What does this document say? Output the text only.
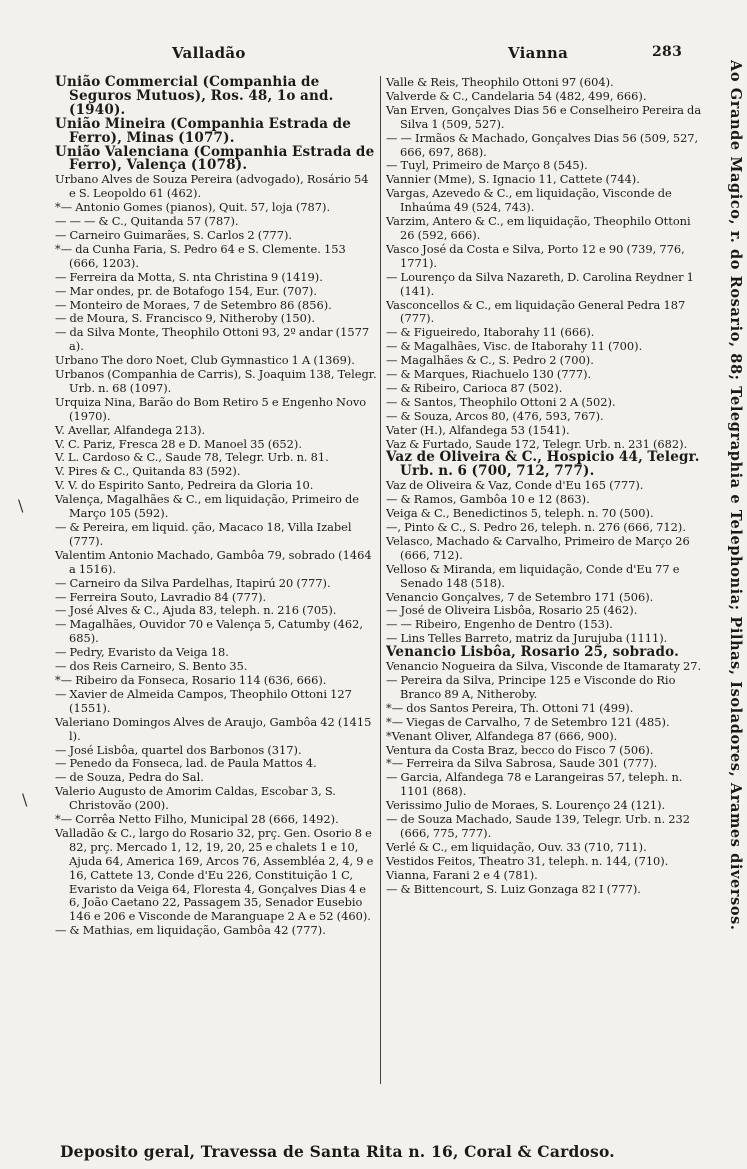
Valladão	Vianna	283

União Commercial (Companhia de Seguros Mutuos), Ros. 48, 1o and. (1940).

União Mineira (Companhia Estrada de Ferro), Minas (1077).

União Valenciana (Companhia Estrada de Ferro), Valença (1078).

Urbano Alves de Souza Pereira (advogado), Rosário 54 e S. Leopoldo 61 (462).

*— Antonio Gomes (pianos), Quit. 57, loja (787).

— — — & C., Quitanda 57 (787).

— Carneiro Guimarães, S. Carlos 2 (777).

*— da Cunha Faria, S. Pedro 64 e S. Clemente. 153 (666, 1203).

— Ferreira da Motta, S. nta Christina 9 (1419).

— Mar ondes, pr. de Botafogo 154, Eur. (707).

— Monteiro de Moraes, 7 de Setembro 86 (856).

— de Moura, S. Francisco 9, Nitheroby (150).

— da Silva Monte, Theophilo Ottoni 93, 2º andar (1577 a).

Urbano The doro Noet, Club Gymnastico 1 A (1369).

Urbanos (Companhia de Carris), S. Joaquim 138, Telegr. Urb. n. 68 (1097).

Urquiza Nina, Barão do Bom Retiro 5 e Engenho Novo (1970).

V. Avellar, Alfandega 213).

V. C. Pariz, Fresca 28 e D. Manoel 35 (652).

V. L. Cardoso & C., Saude 78, Telegr. Urb. n. 81.

V. Pires & C., Quitanda 83 (592).

V. V. do Espirito Santo, Pedreira da Gloria 10.

Valença, Magalhães & C., em liquidação, Primeiro de Março 105 (592).

— & Pereira, em liquid. ção, Macaco 18, Villa Izabel (777).

Valentim Antonio Machado, Gambôa 79, sobrado (1464 a 1516).

— Carneiro da Silva Pardelhas, Itapirú 20 (777).

— Ferreira Souto, Lavradio 84 (777).

— José Alves & C., Ajuda 83, teleph. n. 216 (705).

— Magalhães, Ouvidor 70 e Valença 5, Catumby (462, 685).

— Pedry, Evaristo da Veiga 18.

— dos Reis Carneiro, S. Bento 35.

*— Ribeiro da Fonseca, Rosario 114 (636, 666).

— Xavier de Almeida Campos, Theophilo Ottoni 127 (1551).

Valeriano Domingos Alves de Araujo, Gambôa 42 (1415 l).

— José Lisbôa, quartel dos Barbonos (317).

— Penedo da Fonseca, lad. de Paula Mattos 4.

— de Souza, Pedra do Sal.

Valerio Augusto de Amorim Caldas, Escobar 3, S. Christovão (200).

*— Corrêa Netto Filho, Municipal 28 (666, 1492).

Valladão & C., largo do Rosario 32, prç. Gen. Osorio 8 e 82, prç. Mercado 1, 12, 19, 20, 25 e chalets 1 e 10, Ajuda 64, America 169, Arcos 76, Assembléa 2, 4, 9 e 16, Cattete 13, Conde d'Eu 226, Constituição 1 C, Evaristo da Veiga 64, Floresta 4, Gonçalves Dias 4 e 6, João Caetano 22, Passagem 35, Senador Eusebio 146 e 206 e Visconde de Maranguape 2 A e 52 (460).

— & Mathias, em liquidação, Gambôa 42 (777).

Valle & Reis, Theophilo Ottoni 97 (604).

Valverde & C., Candelaria 54 (482, 499, 666).

Van Erven, Gonçalves Dias 56 e Conselheiro Pereira da Silva 1 (509, 527).

— — Irmãos & Machado, Gonçalves Dias 56 (509, 527, 666, 697, 868).

— Tuyl, Primeiro de Março 8 (545).

Vannier (Mme), S. Ignacio 11, Cattete (744).

Vargas, Azevedo & C., em liquidação, Visconde de Inhaúma 49 (524, 743).

Varzim, Antero & C., em liquidação, Theophilo Ottoni 26 (592, 666).

Vasco José da Costa e Silva, Porto 12 e 90 (739, 776, 1771).

— Lourenço da Silva Nazareth, D. Carolina Reydner 1 (141).

Vasconcellos & C., em liquidação General Pedra 187 (777).

— & Figueiredo, Itaborahy 11 (666).

— & Magalhães, Visc. de Itaborahy 11 (700).

— Magalhães & C., S. Pedro 2 (700).

— & Marques, Riachuelo 130 (777).

— & Ribeiro, Carioca 87 (502).

— & Santos, Theophilo Ottoni 2 A (502).

— & Souza, Arcos 80, (476, 593, 767).

Vater (H.), Alfandega 53 (1541).

Vaz & Furtado, Saude 172, Telegr. Urb. n. 231 (682).

Vaz de Oliveira & C., Hospicio 44, Telegr. Urb. n. 6 (700, 712, 777).

Vaz de Oliveira & Vaz, Conde d'Eu 165 (777).

— & Ramos, Gambôa 10 e 12 (863).

Veiga & C., Benedictinos 5, teleph. n. 70 (500).

—, Pinto & C., S. Pedro 26, teleph. n. 276 (666, 712).

Velasco, Machado & Carvalho, Primeiro de Março 26 (666, 712).

Velloso & Miranda, em liquidação, Conde d'Eu 77 e Senado 148 (518).

Venancio Gonçalves, 7 de Setembro 171 (506).

— José de Oliveira Lisbôa, Rosario 25 (462).

— — Ribeiro, Engenho de Dentro (153).

— Lins Telles Barreto, matriz da Jurujuba (1111).

Venancio Lisbôa, Rosario 25, sobrado.

Venancio Nogueira da Silva, Visconde de Itamaraty 27.

— Pereira da Silva, Principe 125 e Visconde do Rio Branco 89 A, Nitheroby.

*— dos Santos Pereira, Th. Ottoni 71 (499).

*— Viegas de Carvalho, 7 de Setembro 121 (485).

*Venant Oliver, Alfandega 87 (666, 900).

Ventura da Costa Braz, becco do Fisco 7 (506).

*— Ferreira da Silva Sabrosa, Saude 301 (777).

— Garcia, Alfandega 78 e Larangeiras 57, teleph. n. 1101 (868).

Verissimo Julio de Moraes, S. Lourenço 24 (121).

— de Souza Machado, Saude 139, Telegr. Urb. n. 232 (666, 775, 777).

Verlé & C., em liquidação, Ouv. 33 (710, 711).

Vestidos Feitos, Theatro 31, teleph. n. 144, (710).

Vianna, Farani 2 e 4 (781).

— & Bittencourt, S. Luiz Gonzaga 82 I (777).	Ao Grande Magico, r. do Rosario, 88; Telegraphia e Telephonia; Pilhas, Isoladores, Arames diversos.
\
\
Deposito geral, Travessa de Santa Rita n. 16, Coral & Cardoso.
